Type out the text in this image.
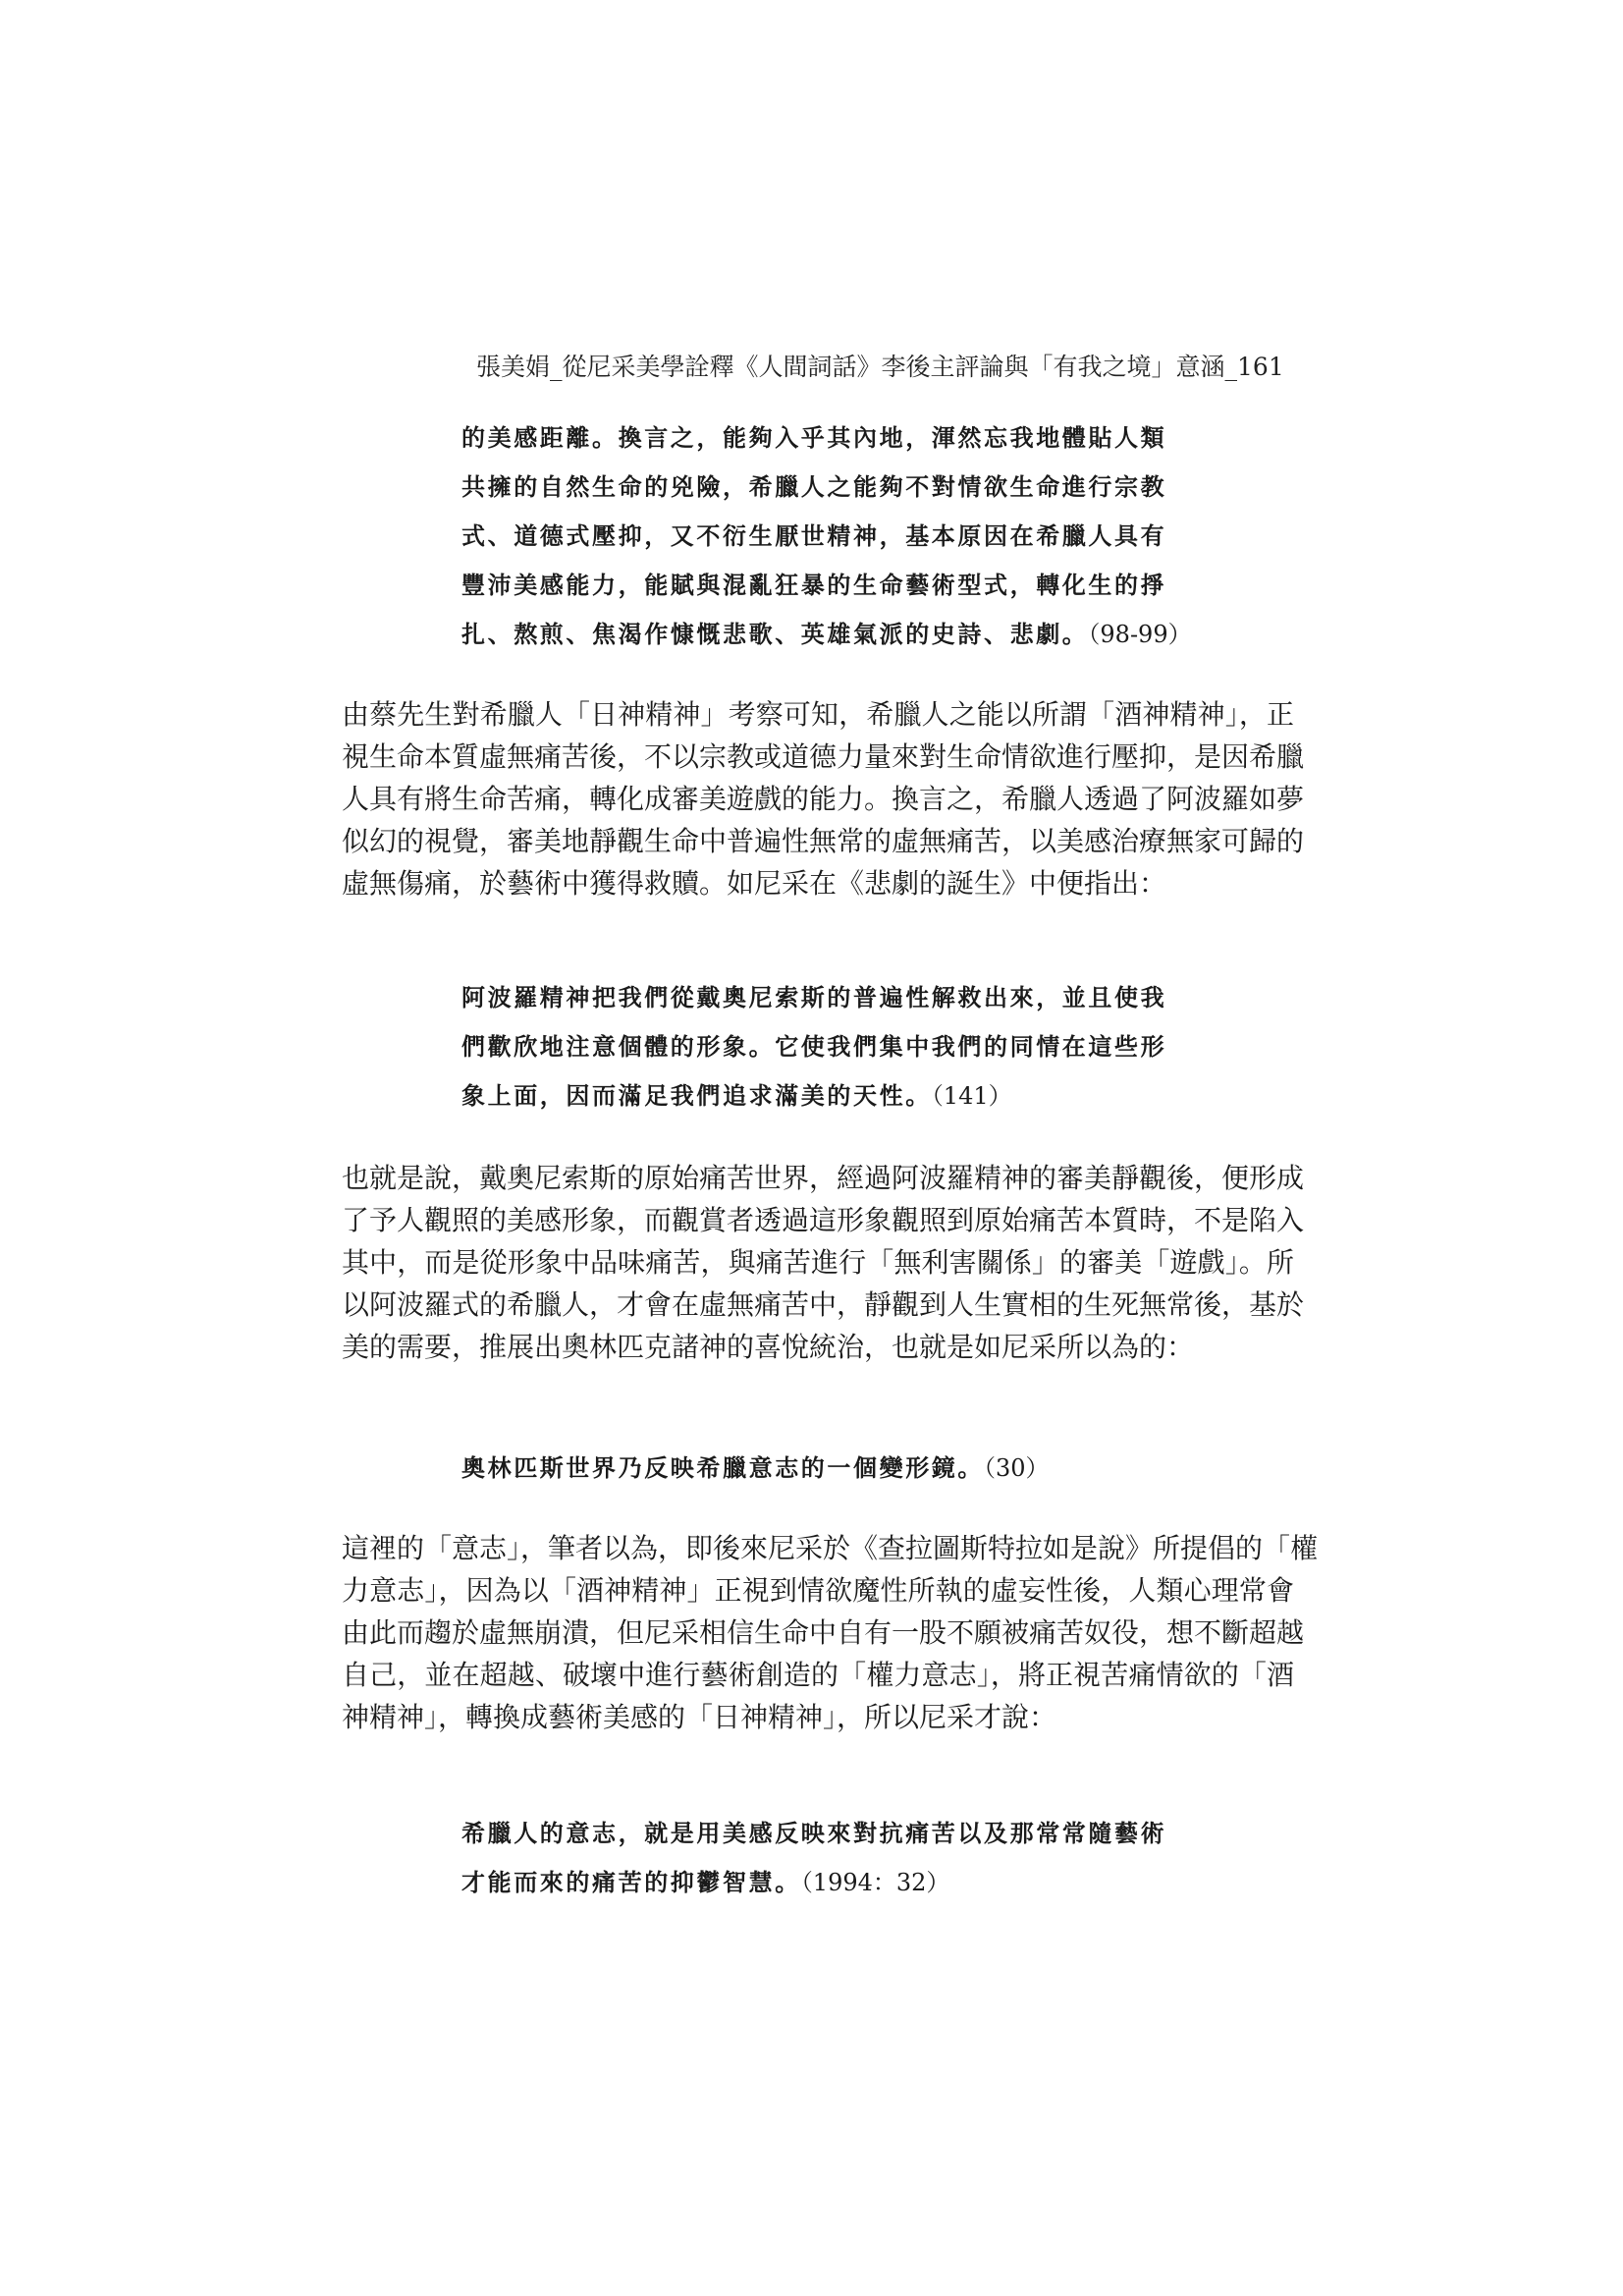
張美娟_從尼采美學詮釋《人間詞話》李後主評論與「有我之境」意涵_161
的美感距離。換言之，能夠入乎其內地，渾然忘我地體貼人類
共擁的自然生命的兇險，希臘人之能夠不對情欲生命進行宗教
式、道德式壓抑，又不衍生厭世精神，基本原因在希臘人具有
豐沛美感能力，能賦與混亂狂暴的生命藝術型式，轉化生的掙
扎、熬煎、焦渴作慷慨悲歌、英雄氣派的史詩、悲劇。（98-99）
由蔡先生對希臘人「日神精神」考察可知，希臘人之能以所謂「酒神精神」，正
視生命本質虛無痛苦後，不以宗教或道德力量來對生命情欲進行壓抑，是因希臘
人具有將生命苦痛，轉化成審美遊戲的能力。換言之，希臘人透過了阿波羅如夢
似幻的視覺，審美地靜觀生命中普遍性無常的虛無痛苦，以美感治療無家可歸的
虛無傷痛，於藝術中獲得救贖。如尼采在《悲劇的誕生》中便指出：
阿波羅精神把我們從戴奧尼索斯的普遍性解救出來，並且使我
們歡欣地注意個體的形象。它使我們集中我們的同情在這些形
象上面，因而滿足我們追求滿美的天性。（141）
也就是說，戴奧尼索斯的原始痛苦世界，經過阿波羅精神的審美靜觀後，便形成
了予人觀照的美感形象，而觀賞者透過這形象觀照到原始痛苦本質時，不是陷入
其中，而是從形象中品味痛苦，與痛苦進行「無利害關係」的審美「遊戲」。所
以阿波羅式的希臘人，才會在虛無痛苦中，靜觀到人生實相的生死無常後，基於
美的需要，推展出奧林匹克諸神的喜悅統治，也就是如尼采所以為的：
奧林匹斯世界乃反映希臘意志的一個變形鏡。（30）
這裡的「意志」，筆者以為，即後來尼采於《查拉圖斯特拉如是說》所提倡的「權
力意志」，因為以「酒神精神」正視到情欲魔性所執的虛妄性後，人類心理常會
由此而趨於虛無崩潰，但尼采相信生命中自有一股不願被痛苦奴役，想不斷超越
自己，並在超越、破壞中進行藝術創造的「權力意志」，將正視苦痛情欲的「酒
神精神」，轉換成藝術美感的「日神精神」，所以尼采才說：
希臘人的意志，就是用美感反映來對抗痛苦以及那常常隨藝術
才能而來的痛苦的抑鬱智慧。（1994：32）
